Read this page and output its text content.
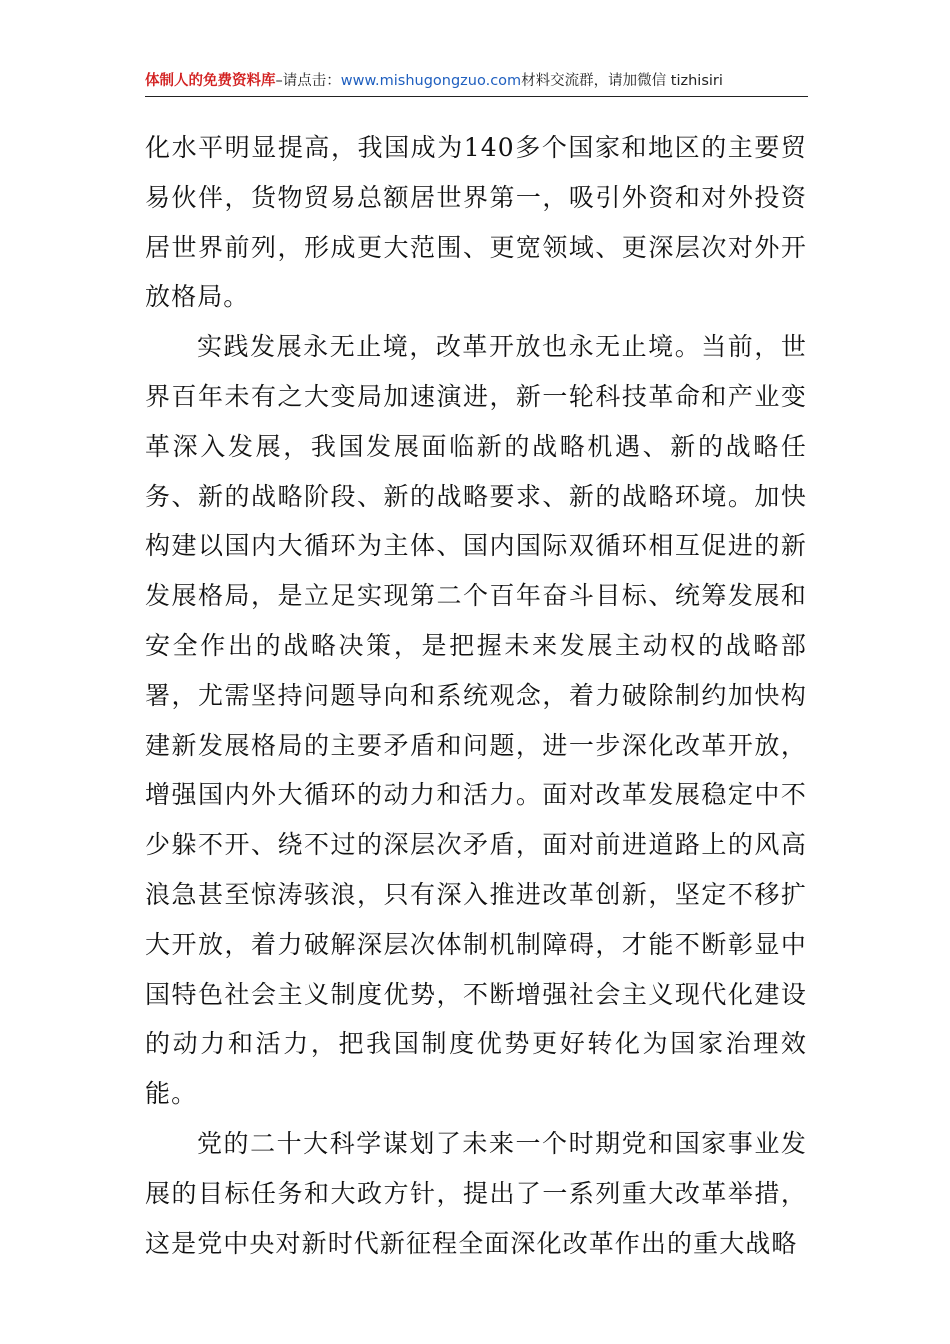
体制人的免费资料库–请点击：www.mishugongzuo.com材料交流群，请加微信 tizhisiri

化水平明显提高，我国成为140多个国家和地区的主要贸易伙伴，货物贸易总额居世界第一，吸引外资和对外投资居世界前列，形成更大范围、更宽领域、更深层次对外开放格局。

实践发展永无止境，改革开放也永无止境。当前，世界百年未有之大变局加速演进，新一轮科技革命和产业变革深入发展，我国发展面临新的战略机遇、新的战略任务、新的战略阶段、新的战略要求、新的战略环境。加快构建以国内大循环为主体、国内国际双循环相互促进的新发展格局，是立足实现第二个百年奋斗目标、统筹发展和安全作出的战略决策，是把握未来发展主动权的战略部署，尤需坚持问题导向和系统观念，着力破除制约加快构建新发展格局的主要矛盾和问题，进一步深化改革开放，增强国内外大循环的动力和活力。面对改革发展稳定中不少躲不开、绕不过的深层次矛盾，面对前进道路上的风高浪急甚至惊涛骇浪，只有深入推进改革创新，坚定不移扩大开放，着力破解深层次体制机制障碍，才能不断彰显中国特色社会主义制度优势，不断增强社会主义现代化建设的动力和活力，把我国制度优势更好转化为国家治理效能。

党的二十大科学谋划了未来一个时期党和国家事业发展的目标任务和大政方针，提出了一系列重大改革举措，这是党中央对新时代新征程全面深化改革作出的重大战略
